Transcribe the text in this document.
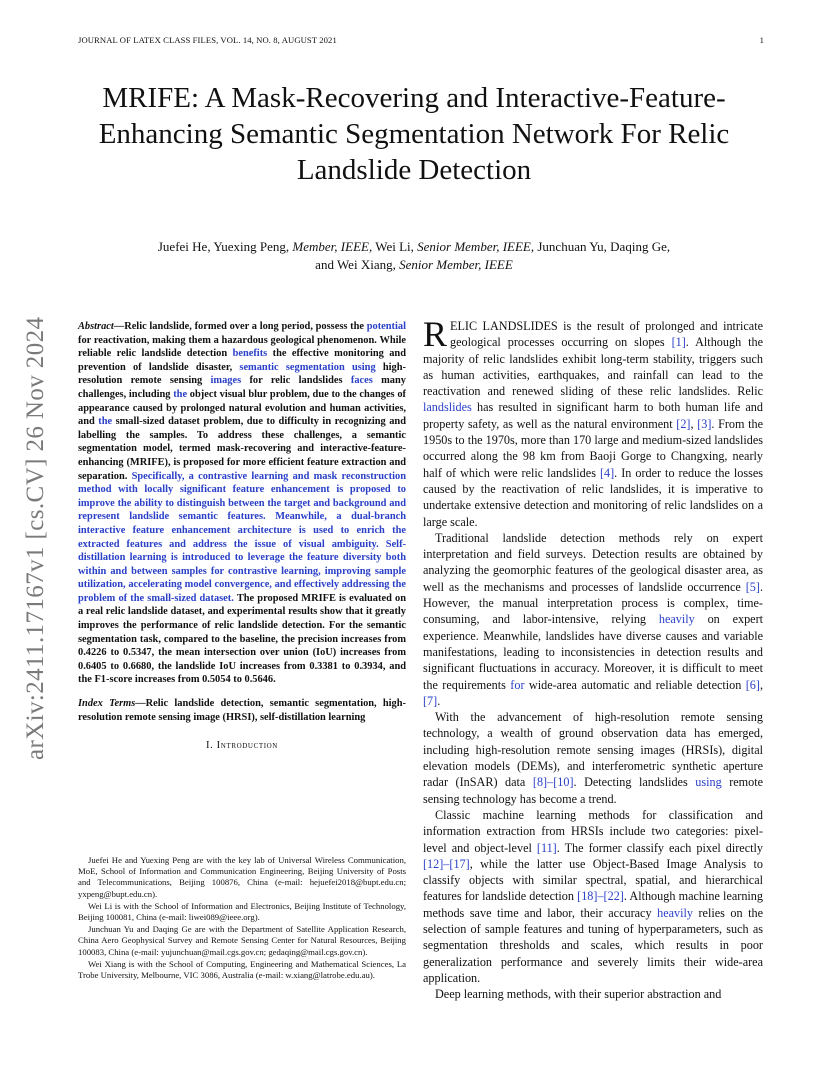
JOURNAL OF LATEX CLASS FILES, VOL. 14, NO. 8, AUGUST 2021	1
MRIFE: A Mask-Recovering and Interactive-Feature-Enhancing Semantic Segmentation Network For Relic Landslide Detection
Juefei He, Yuexing Peng, Member, IEEE, Wei Li, Senior Member, IEEE, Junchuan Yu, Daqing Ge,
and Wei Xiang, Senior Member, IEEE
arXiv:2411.17167v1 [cs.CV] 26 Nov 2024	Abstract—Relic landslide, formed over a long period, possess the potential for reactivation, making them a hazardous geological phenomenon. While reliable relic landslide detection benefits the effective monitoring and prevention of landslide disaster, semantic segmentation using high-resolution remote sensing images for relic landslides faces many challenges, including the object visual blur problem, due to the changes of appearance caused by prolonged natural evolution and human activities, and the small-sized dataset problem, due to difficulty in recognizing and labelling the samples. To address these challenges, a semantic segmentation model, termed mask-recovering and interactive-feature-enhancing (MRIFE), is proposed for more efficient feature extraction and separation. Specifically, a contrastive learning and mask reconstruction method with locally significant feature enhancement is proposed to improve the ability to distinguish between the target and background and represent landslide semantic features. Meanwhile, a dual-branch interactive feature enhancement architecture is used to enrich the extracted features and address the issue of visual ambiguity. Self-distillation learning is introduced to leverage the feature diversity both within and between samples for contrastive learning, improving sample utilization, accelerating model convergence, and effectively addressing the problem of the small-sized dataset. The proposed MRIFE is evaluated on a real relic landslide dataset, and experimental results show that it greatly improves the performance of relic landslide detection. For the semantic segmentation task, compared to the baseline, the precision increases from 0.4226 to 0.5347, the mean intersection over union (IoU) increases from 0.6405 to 0.6680, the landslide IoU increases from 0.3381 to 0.3934, and the F1-score increases from 0.5054 to 0.5646.
Index Terms—Relic landslide detection, semantic segmentation, high-resolution remote sensing image (HRSI), self-distillation learning
I. Introduction

Juefei He and Yuexing Peng are with the key lab of Universal Wireless Communication, MoE, School of Information and Communication Engineering, Beijing University of Posts and Telecommunications, Beijing 100876, China (e-mail: hejuefei2018@bupt.edu.cn; yxpeng@bupt.edu.cn).

Wei Li is with the School of Information and Electronics, Beijing Institute of Technology, Beijing 100081, China (e-mail: liwei089@ieee.org).

Junchuan Yu and Daqing Ge are with the Department of Satellite Application Research, China Aero Geophysical Survey and Remote Sensing Center for Natural Resources, Beijing 100083, China (e-mail: yujunchuan@mail.cgs.gov.cn; gedaqing@mail.cgs.gov.cn).

Wei Xiang is with the School of Computing, Engineering and Mathematical Sciences, La Trobe University, Melbourne, VIC 3086, Australia (e-mail: w.xiang@latrobe.edu.au).

RELIC LANDSLIDES is the result of prolonged and intricate geological processes occurring on slopes [1]. Although the majority of relic landslides exhibit long-term stability, triggers such as human activities, earthquakes, and rainfall can lead to the reactivation and renewed sliding of these relic landslides. Relic landslides has resulted in significant harm to both human life and property safety, as well as the natural environment [2], [3]. From the 1950s to the 1970s, more than 170 large and medium-sized landslides occurred along the 98 km from Baoji Gorge to Changxing, nearly half of which were relic landslides [4]. In order to reduce the losses caused by the reactivation of relic landslides, it is imperative to undertake extensive detection and monitoring of relic landslides on a large scale.

Traditional landslide detection methods rely on expert interpretation and field surveys. Detection results are obtained by analyzing the geomorphic features of the geological disaster area, as well as the mechanisms and processes of landslide occurrence [5]. However, the manual interpretation process is complex, time-consuming, and labor-intensive, relying heavily on expert experience. Meanwhile, landslides have diverse causes and variable manifestations, leading to inconsistencies in detection results and significant fluctuations in accuracy. Moreover, it is difficult to meet the requirements for wide-area automatic and reliable detection [6], [7].

With the advancement of high-resolution remote sensing technology, a wealth of ground observation data has emerged, including high-resolution remote sensing images (HRSIs), digital elevation models (DEMs), and interferometric synthetic aperture radar (InSAR) data [8]–[10]. Detecting landslides using remote sensing technology has become a trend.

Classic machine learning methods for classification and information extraction from HRSIs include two categories: pixel-level and object-level [11]. The former classify each pixel directly [12]–[17], while the latter use Object-Based Image Analysis to classify objects with similar spectral, spatial, and hierarchical features for landslide detection [18]–[22]. Although machine learning methods save time and labor, their accuracy heavily relies on the selection of sample features and tuning of hyperparameters, such as segmentation thresholds and scales, which results in poor generalization performance and severely limits their wide-area application.

Deep learning methods, with their superior abstraction and
